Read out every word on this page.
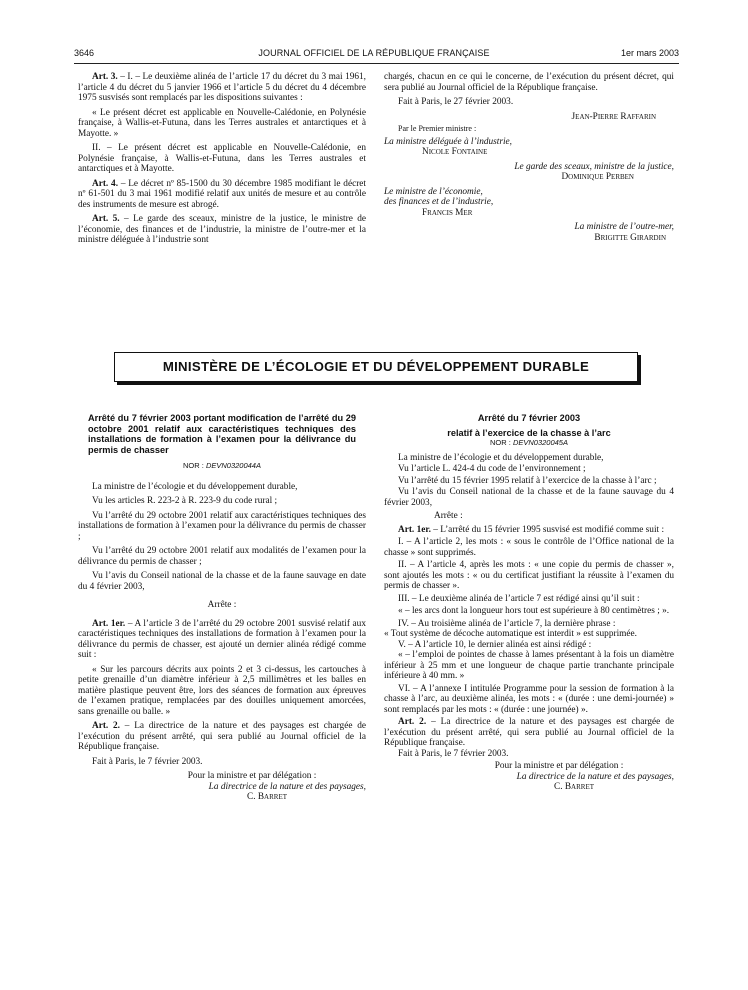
3646	JOURNAL OFFICIEL DE LA RÉPUBLIQUE FRANÇAISE	1er mars 2003

Art. 3. – I. – Le deuxième alinéa de l’article 17 du décret du 3 mai 1961, l’article 4 du décret du 5 janvier 1966 et l’article 5 du décret du 4 décembre 1975 susvisés sont remplacés par les dispositions suivantes :

« Le présent décret est applicable en Nouvelle-Calédonie, en Polynésie française, à Wallis-et-Futuna, dans les Terres australes et antarctiques et à Mayotte. »

II. – Le présent décret est applicable en Nouvelle-Calédonie, en Polynésie française, à Wallis-et-Futuna, dans les Terres australes et antarctiques et à Mayotte.

Art. 4. – Le décret nº 85-1500 du 30 décembre 1985 modifiant le décret nº 61-501 du 3 mai 1961 modifié relatif aux unités de mesure et au contrôle des instruments de mesure est abrogé.

Art. 5. – Le garde des sceaux, ministre de la justice, le ministre de l’économie, des finances et de l’industrie, la ministre de l’outre-mer et la ministre déléguée à l’industrie sont

chargés, chacun en ce qui le concerne, de l’exécution du présent décret, qui sera publié au Journal officiel de la République française.

Fait à Paris, le 27 février 2003.

Jean-Pierre Raffarin

Par le Premier ministre :

La ministre déléguée à l’industrie,

Nicole Fontaine

Le garde des sceaux, ministre de la justice,

Dominique Perben

Le ministre de l’économie,

des finances et de l’industrie,

Francis Mer

La ministre de l’outre-mer,

Brigitte Girardin

MINISTÈRE DE L’ÉCOLOGIE ET DU DÉVELOPPEMENT DURABLE

Arrêté du 7 février 2003 portant modification de l’arrêté du 29 octobre 2001 relatif aux caractéristiques techniques des installations de formation à l’examen pour la délivrance du permis de chasser

NOR : DEVN0320044A

La ministre de l’écologie et du développement durable,

Vu les articles R. 223-2 à R. 223-9 du code rural ;

Vu l’arrêté du 29 octobre 2001 relatif aux caractéristiques techniques des installations de formation à l’examen pour la délivrance du permis de chasser ;

Vu l’arrêté du 29 octobre 2001 relatif aux modalités de l’examen pour la délivrance du permis de chasser ;

Vu l’avis du Conseil national de la chasse et de la faune sauvage en date du 4 février 2003,

Arrête :

Art. 1er. – A l’article 3 de l’arrêté du 29 octobre 2001 susvisé relatif aux caractéristiques techniques des installations de formation à l’examen pour la délivrance du permis de chasser, est ajouté un dernier alinéa rédigé comme suit :

« Sur les parcours décrits aux points 2 et 3 ci-dessus, les cartouches à petite grenaille d’un diamètre inférieur à 2,5 millimètres et les balles en matière plastique peuvent être, lors des séances de formation aux épreuves de l’examen pratique, remplacées par des douilles uniquement amorcées, sans grenaille ou balle. »

Art. 2. – La directrice de la nature et des paysages est chargée de l’exécution du présent arrêté, qui sera publié au Journal officiel de la République française.

Fait à Paris, le 7 février 2003.

Pour la ministre et par délégation :

La directrice de la nature et des paysages,

C. Barret

Arrêté du 7 février 2003

relatif à l’exercice de la chasse à l’arc

NOR : DEVN0320045A

La ministre de l’écologie et du développement durable,

Vu l’article L. 424-4 du code de l’environnement ;

Vu l’arrêté du 15 février 1995 relatif à l’exercice de la chasse à l’arc ;

Vu l’avis du Conseil national de la chasse et de la faune sauvage du 4 février 2003,

Arrête :

Art. 1er. – L’arrêté du 15 février 1995 susvisé est modifié comme suit :

I. – A l’article 2, les mots : « sous le contrôle de l’Office national de la chasse » sont supprimés.

II. – A l’article 4, après les mots : « une copie du permis de chasser », sont ajoutés les mots : « ou du certificat justifiant la réussite à l’examen du permis de chasser ».

III. – Le deuxième alinéa de l’article 7 est rédigé ainsi qu’il suit :

« – les arcs dont la longueur hors tout est supérieure à 80 centimètres ; ».

IV. – Au troisième alinéa de l’article 7, la dernière phrase :

« Tout système de décoche automatique est interdit » est supprimée.

V. – A l’article 10, le dernier alinéa est ainsi rédigé :

« – l’emploi de pointes de chasse à lames présentant à la fois un diamètre inférieur à 25 mm et une longueur de chaque partie tranchante principale inférieure à 40 mm. »

VI. – A l’annexe I intitulée Programme pour la session de formation à la chasse à l’arc, au deuxième alinéa, les mots : « (durée : une demi-journée) » sont remplacés par les mots : « (durée : une journée) ».

Art. 2. – La directrice de la nature et des paysages est chargée de l’exécution du présent arrêté, qui sera publié au Journal officiel de la République française.

Fait à Paris, le 7 février 2003.

Pour la ministre et par délégation :

La directrice de la nature et des paysages,

C. Barret
